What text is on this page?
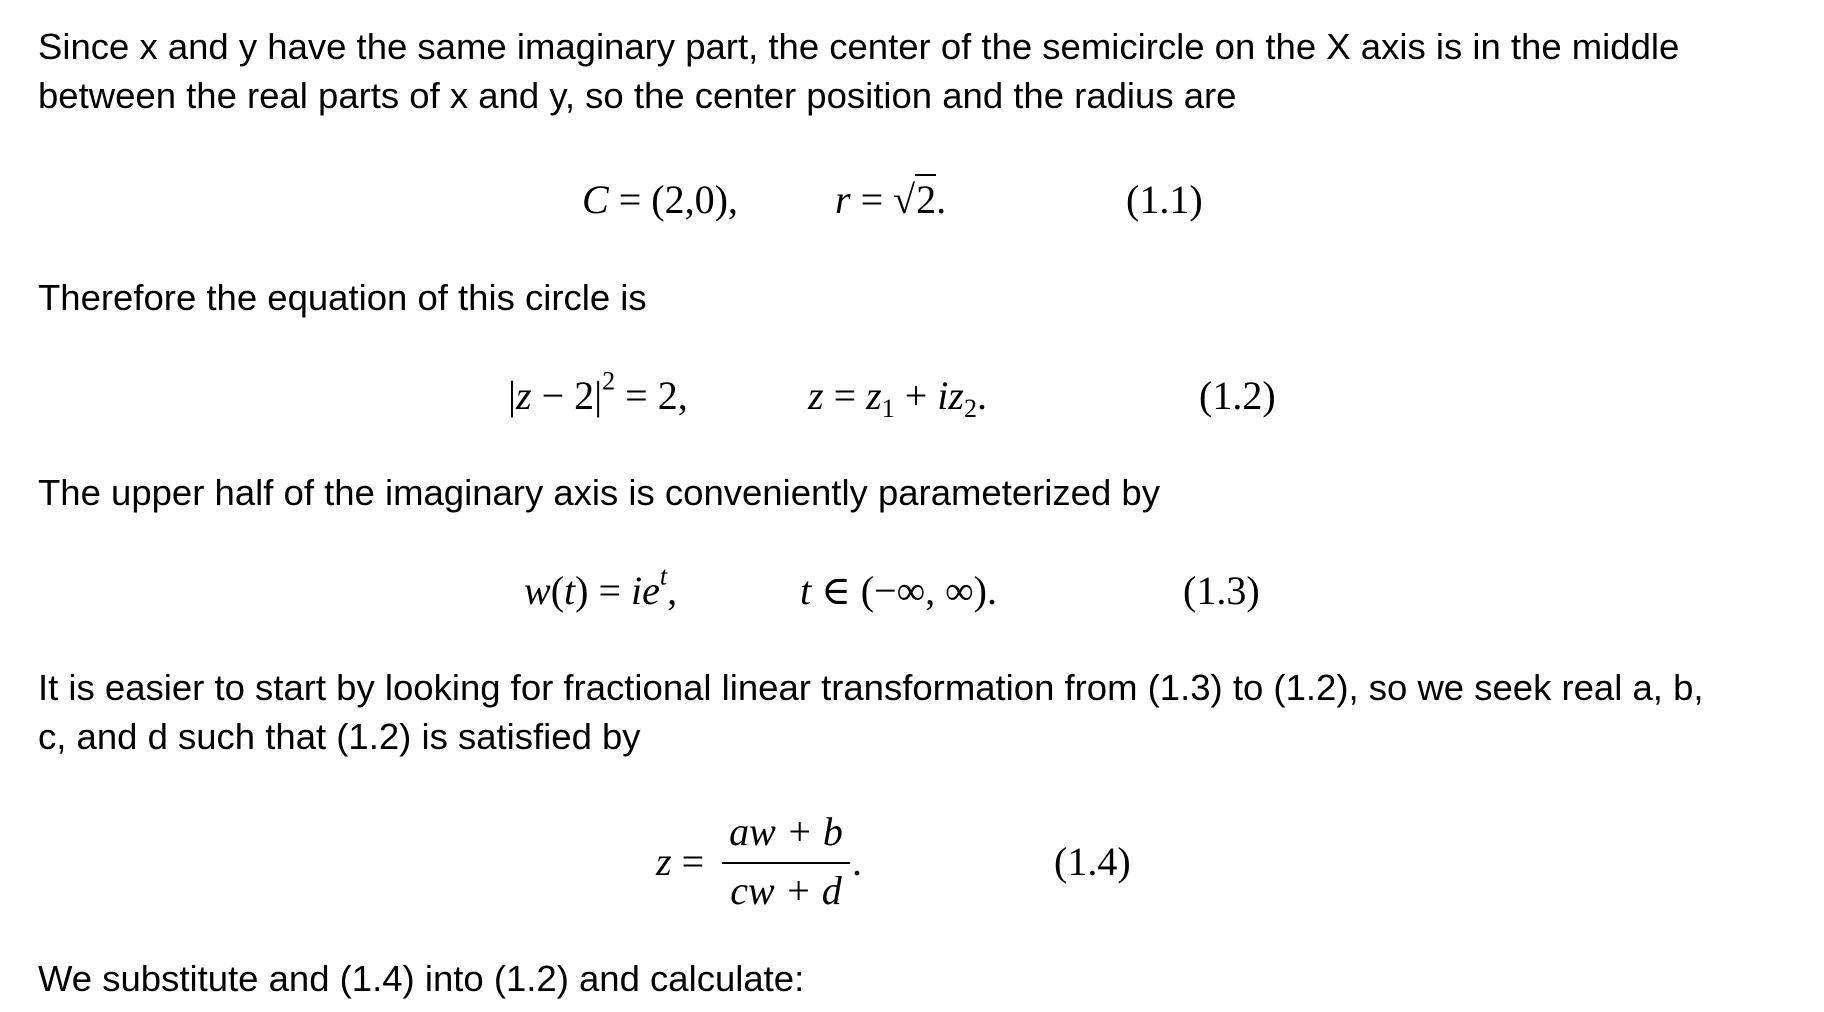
Since x and y have the same imaginary part, the center of the semicircle on the X axis is in the middle
between the real parts of x and y, so the center position and the radius are
C = (2,0), r = √2.	(1.1)
Therefore the equation of this circle is
$|z - 2|^2 = 2$,	$z = z_1 + iz_2$.	(1.2)
The upper half of the imaginary axis is conveniently parameterized by
$w(t) = ie^t$,	t ∈ (−∞, ∞).	(1.3)
It is easier to start by looking for fractional linear transformation from (1.3) to (1.2), so we seek real a, b,
c, and d such that (1.2) is satisfied by
z =
aw + b
cw + d
.	(1.4)
We substitute and (1.4) into (1.2) and calculate:
